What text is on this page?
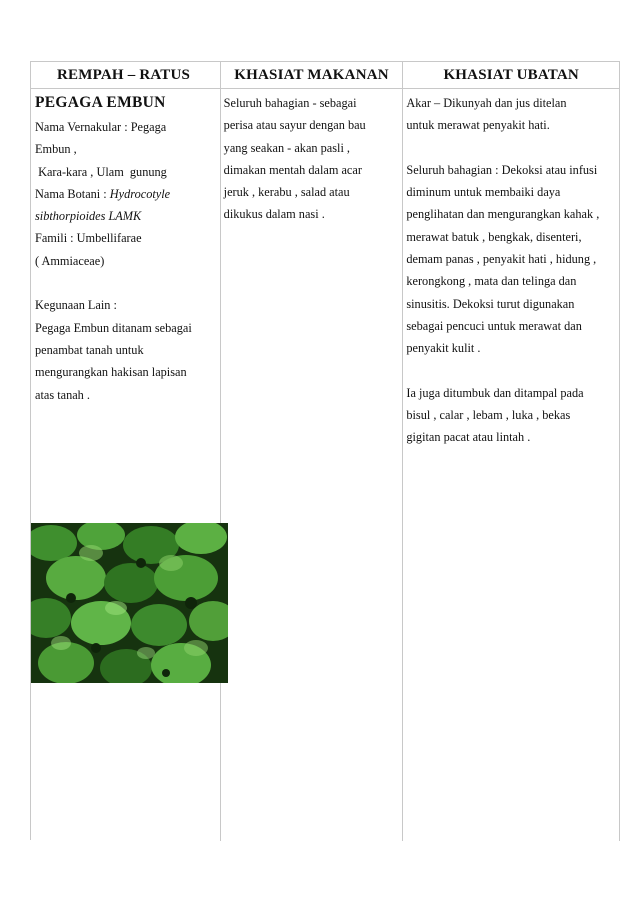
REMPAH – RATUS	KHASIAT MAKANAN	KHASIAT UBATAN
PEGAGA EMBUN
Nama Vernakular : Pegaga
Embun ,
Kara-kara , Ulam  gunung
Nama Botani : Hydrocotyle
sibthorpioides LAMK
Famili : Umbellifarae
( Ammiaceae)
Kegunaan Lain :
Pegaga Embun ditanam sebagai
penambat tanah untuk
mengurangkan hakisan lapisan
atas tanah .
Seluruh bahagian - sebagai
perisa atau sayur dengan bau
yang seakan - akan pasli ,
dimakan mentah dalam acar
jeruk , kerabu , salad atau
dikukus dalam nasi .
Akar – Dikunyah dan jus ditelan
untuk merawat penyakit hati.
Seluruh bahagian : Dekoksi atau infusi
diminum untuk membaiki daya
penglihatan dan mengurangkan kahak ,
merawat batuk , bengkak, disenteri,
demam panas , penyakit hati , hidung ,
kerongkong , mata dan telinga dan
sinusitis. Dekoksi turut digunakan
sebagai pencuci untuk merawat dan
penyakit kulit .
Ia juga ditumbuk dan ditampal pada
bisul , calar , lebam , luka , bekas
gigitan pacat atau lintah .
